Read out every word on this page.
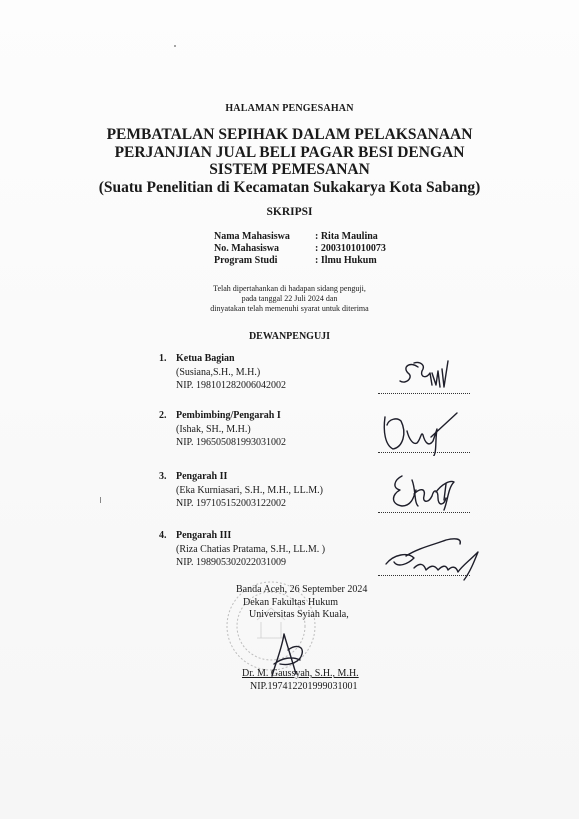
HALAMAN PENGESAHAN
PEMBATALAN SEPIHAK DALAM PELAKSANAAN
PERJANJIAN JUAL BELI PAGAR BESI DENGAN
SISTEM PEMESANAN
(Suatu Penelitian di Kecamatan Sukakarya Kota Sabang)
SKRIPSI
Nama Mahasiswa	: Rita Maulina
No. Mahasiswa	: 2003101010073
Program Studi	: Ilmu Hukum
Telah dipertahankan di hadapan sidang penguji,
pada tanggal 22 Juli 2024 dan
dinyatakan telah memenuhi syarat untuk diterima
DEWANPENGUJI
1. Ketua Bagian
(Susiana,S.H., M.H.)
NIP. 198101282006042002
2. Pembimbing/Pengarah I
(Ishak, SH., M.H.)
NIP. 196505081993031002
3. Pengarah II
(Eka Kurniasari, S.H., M.H., LL.M.)
NIP. 197105152003122002
4. Pengarah III
(Riza Chatias Pratama, S.H., LL.M. )
NIP. 198905302022031009
Banda Aceh, 26 September 2024
Dekan Fakultas Hukum
Universitas Syiah Kuala,
Dr. M. Gaussyah, S.H., M.H.
NIP.197412201999031001
